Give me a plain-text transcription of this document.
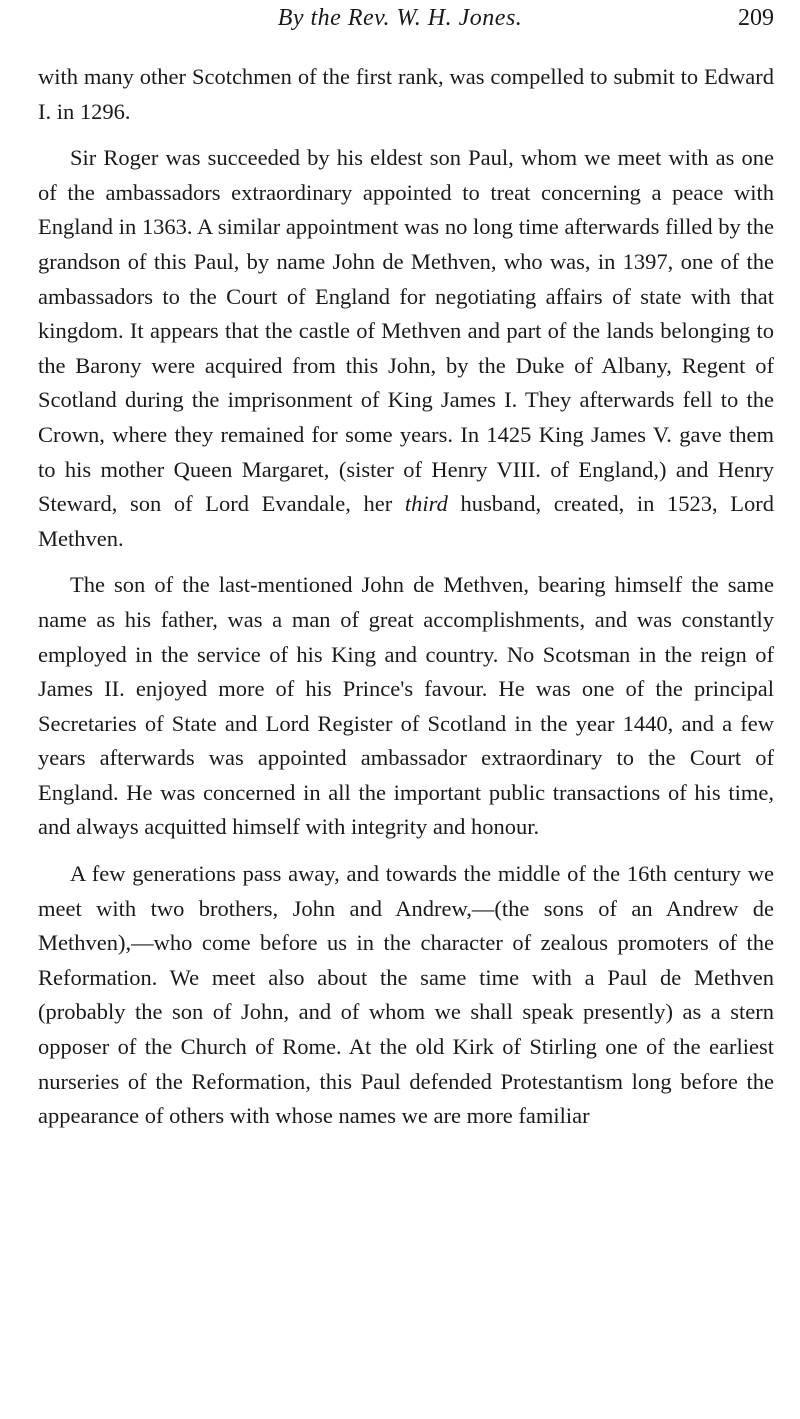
By the Rev. W. H. Jones.	209

with many other Scotchmen of the first rank, was compelled to submit to Edward I. in 1296.

Sir Roger was succeeded by his eldest son Paul, whom we meet with as one of the ambassadors extraordinary appointed to treat concerning a peace with England in 1363. A similar appointment was no long time afterwards filled by the grandson of this Paul, by name John de Methven, who was, in 1397, one of the ambassadors to the Court of England for negotiating affairs of state with that kingdom. It appears that the castle of Methven and part of the lands belonging to the Barony were acquired from this John, by the Duke of Albany, Regent of Scotland during the imprisonment of King James I. They afterwards fell to the Crown, where they remained for some years. In 1425 King James V. gave them to his mother Queen Margaret, (sister of Henry VIII. of England,) and Henry Steward, son of Lord Evandale, her third husband, created, in 1523, Lord Methven.

The son of the last-mentioned John de Methven, bearing himself the same name as his father, was a man of great accomplishments, and was constantly employed in the service of his King and country. No Scotsman in the reign of James II. enjoyed more of his Prince's favour. He was one of the principal Secretaries of State and Lord Register of Scotland in the year 1440, and a few years afterwards was appointed ambassador extraordinary to the Court of England. He was concerned in all the important public transactions of his time, and always acquitted himself with integrity and honour.

A few generations pass away, and towards the middle of the 16th century we meet with two brothers, John and Andrew,—(the sons of an Andrew de Methven),—who come before us in the character of zealous promoters of the Reformation. We meet also about the same time with a Paul de Methven (probably the son of John, and of whom we shall speak presently) as a stern opposer of the Church of Rome. At the old Kirk of Stirling one of the earliest nurseries of the Reformation, this Paul defended Protestantism long before the appearance of others with whose names we are more familiar
